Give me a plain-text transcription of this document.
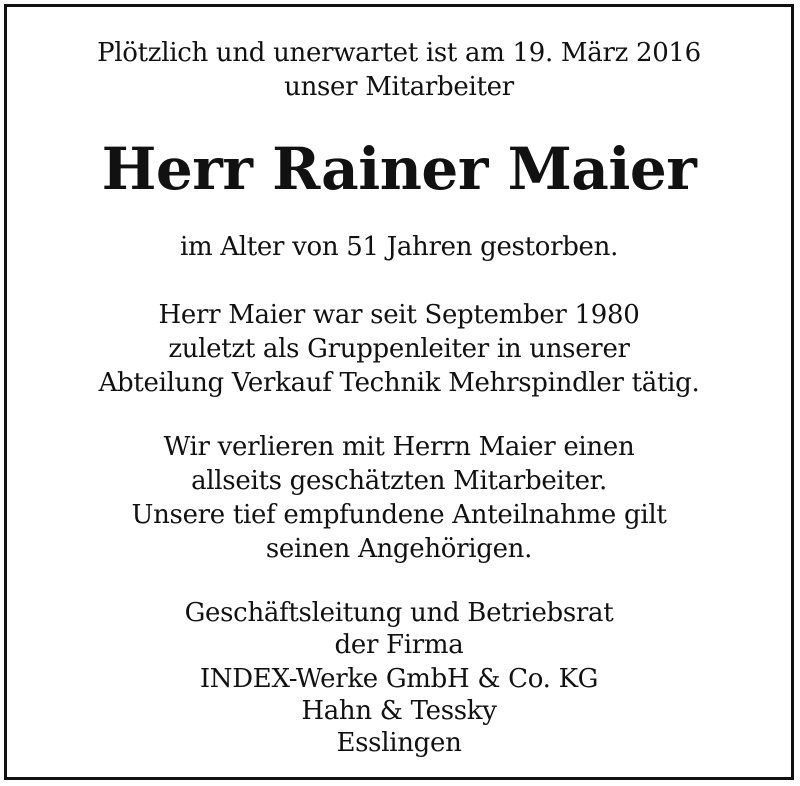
Plötzlich und unerwartet ist am 19. März 2016
unser Mitarbeiter
Herr Rainer Maier
im Alter von 51 Jahren gestorben.
Herr Maier war seit September 1980
zuletzt als Gruppenleiter in unserer
Abteilung Verkauf Technik Mehrspindler tätig.
Wir verlieren mit Herrn Maier einen
allseits geschätzten Mitarbeiter.
Unsere tief empfundene Anteilnahme gilt
seinen Angehörigen.
Geschäftsleitung und Betriebsrat
der Firma
INDEX-Werke GmbH & Co. KG
Hahn & Tessky
Esslingen
